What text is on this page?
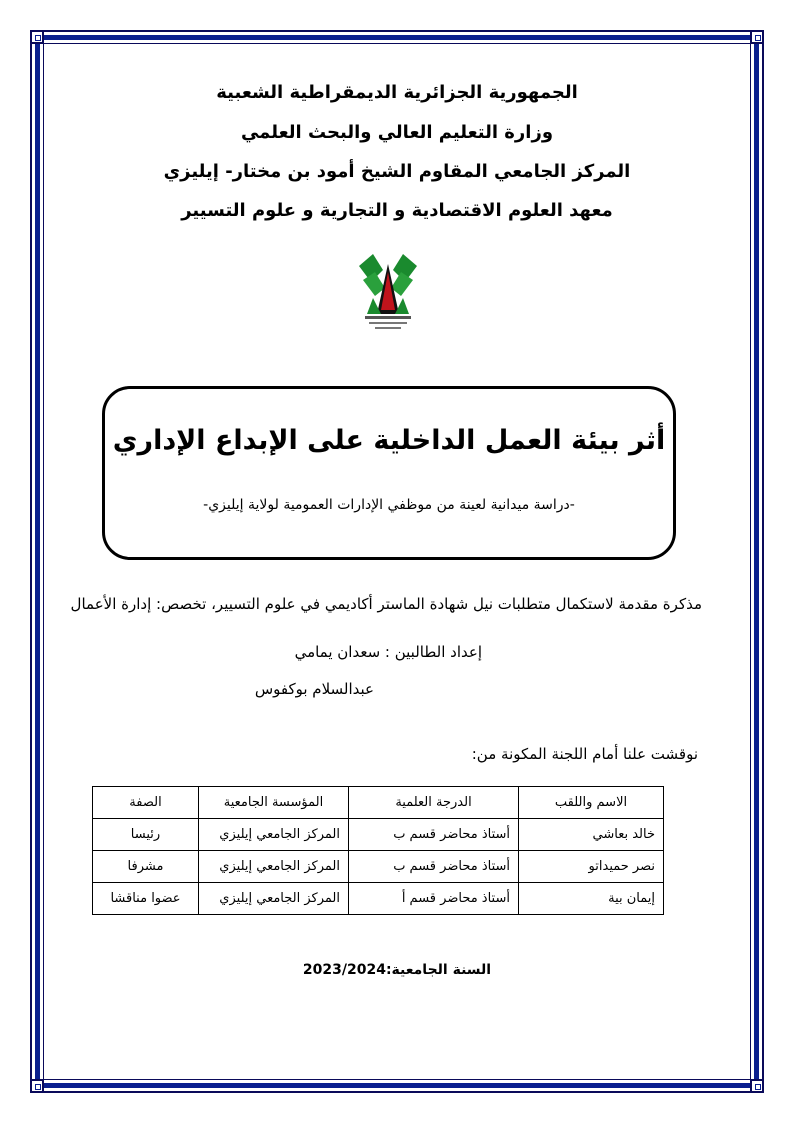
الجمهورية الجزائرية الديمقراطية الشعبية
وزارة التعليم العالي والبحث العلمي
المركز الجامعي المقاوم الشيخ أمود بن مختار- إيليزي
معهد العلوم الاقتصادية و التجارية و علوم التسيير
أثر بيئة العمل الداخلية على الإبداع الإداري
-دراسة ميدانية لعينة من موظفي الإدارات العمومية لولاية إيليزي-
مذكرة مقدمة لاستكمال متطلبات نيل شهادة الماستر أكاديمي في علوم التسيير، تخصص: إدارة الأعمال
إعداد الطالبين : سعدان يمامي
عبدالسلام بوكفوس
نوقشت علنا أمام اللجنة المكونة من:
الاسم واللقب	الدرجة العلمية	المؤسسة الجامعية	الصفة
خالد بعاشي	أستاذ محاضر قسم ب	المركز الجامعي إيليزي	رئيسا
نصر حميداتو	أستاذ محاضر قسم ب	المركز الجامعي إيليزي	مشرفا
إيمان بية	أستاذ محاضر قسم أ	المركز الجامعي إيليزي	عضوا مناقشا
السنة الجامعية:2023/2024
